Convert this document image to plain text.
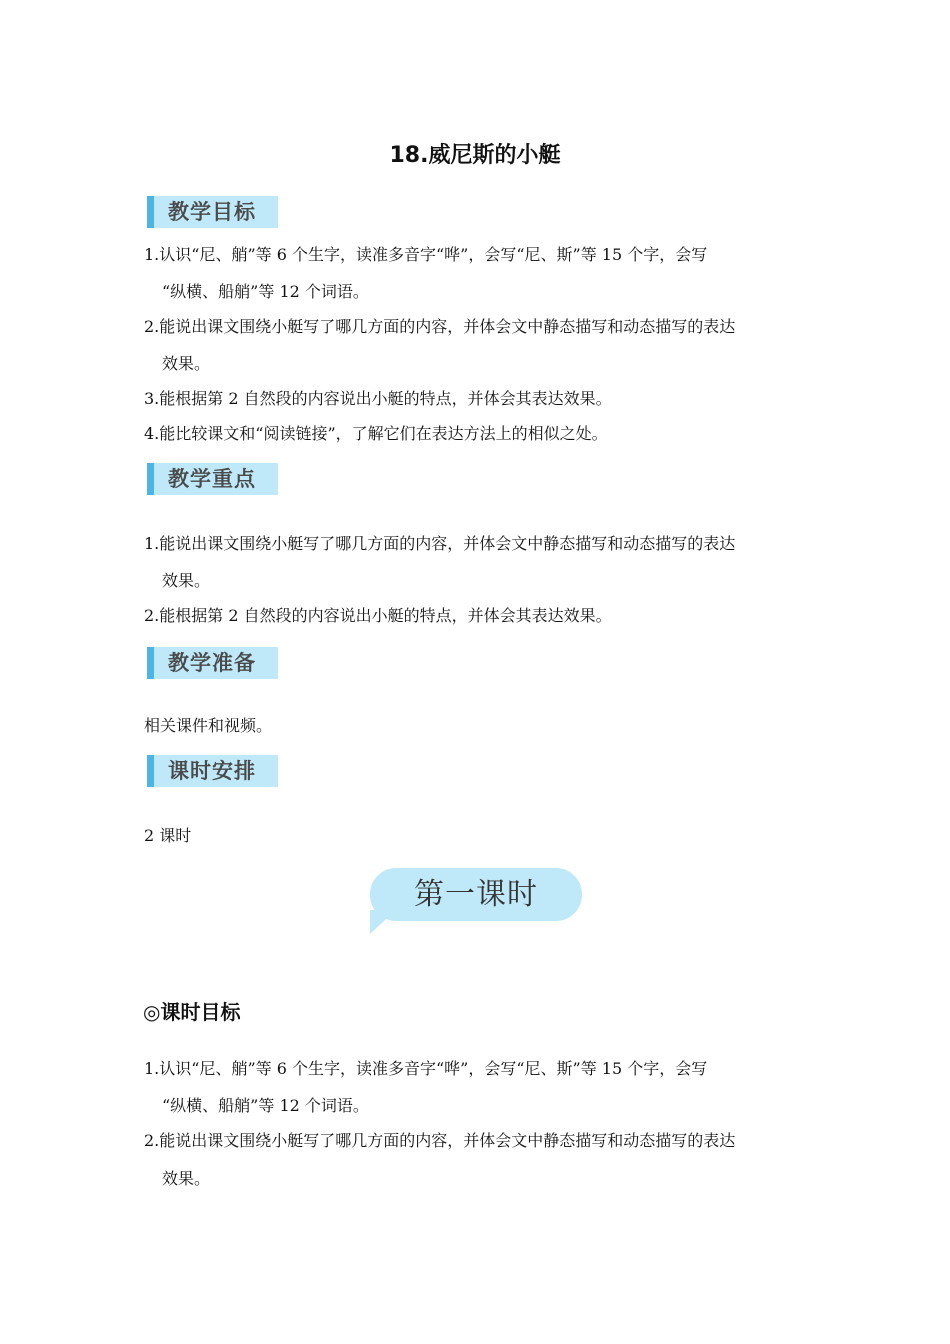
18.威尼斯的小艇
教学目标
1.认识“尼、艄”等 6 个生字，读准多音字“哗”，会写“尼、斯”等 15 个字，会写
“纵横、船艄”等 12 个词语。
2.能说出课文围绕小艇写了哪几方面的内容，并体会文中静态描写和动态描写的表达
效果。
3.能根据第 2 自然段的内容说出小艇的特点，并体会其表达效果。
4.能比较课文和“阅读链接”，了解它们在表达方法上的相似之处。
教学重点
1.能说出课文围绕小艇写了哪几方面的内容，并体会文中静态描写和动态描写的表达
效果。
2.能根据第 2 自然段的内容说出小艇的特点，并体会其表达效果。
教学准备
相关课件和视频。
课时安排
2 课时
第一课时
◎课时目标
1.认识“尼、艄”等 6 个生字，读准多音字“哗”，会写“尼、斯”等 15 个字，会写
“纵横、船艄”等 12 个词语。
2.能说出课文围绕小艇写了哪几方面的内容，并体会文中静态描写和动态描写的表达
效果。
